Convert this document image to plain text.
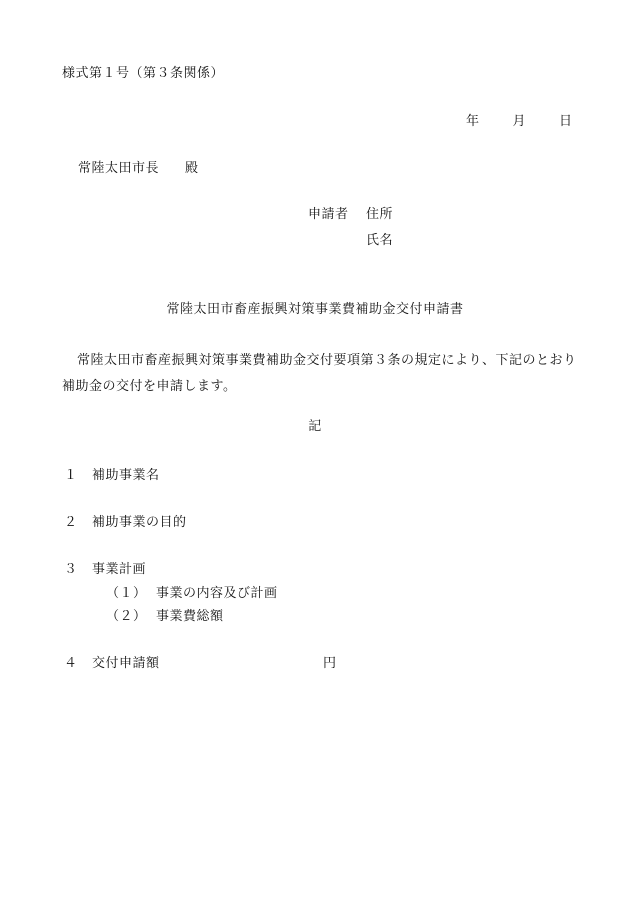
様式第１号（第３条関係）
年	月	日
常陸太田市長 殿
申請者 住所
氏名
常陸太田市畜産振興対策事業費補助金交付申請書
常陸太田市畜産振興対策事業費補助金交付要項第３条の規定により、下記のとおり補助金の交付を申請します。
記
１ 補助事業名
２ 補助事業の目的
３ 事業計画
（１） 事業の内容及び計画
（２） 事業費総額
４ 交付申請額	円
